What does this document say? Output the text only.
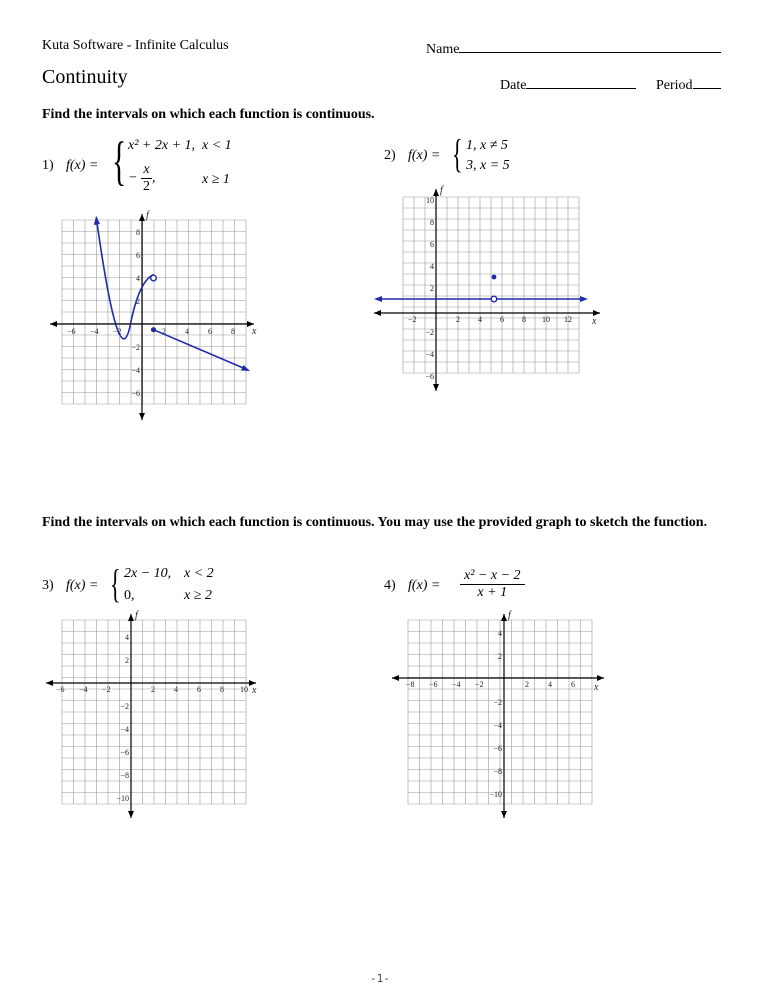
Kuta Software - Infinite Calculus	Name
Continuity	Date	Period
Find the intervals on which each function is continuous.
1) f(x) = { x² + 2x + 1, x < 1
− $\frac{x}{2}$ ,	x ≥ 1
2) f(x) = { 1, x ≠ 5
3, x = 5
x
f
−6 −4 −2	2 4 6 8
8
6
4
2
−2
−4
−6
x
f
−2	2 4 6 8 10 12
10
8
6
4
2
−2
−4
−6
Find the intervals on which each function is continuous. You may use the provided graph to sketch the function.
3) f(x) = { 2x − 10, x < 2
0,	x ≥ 2
4) $f(x) = \frac{\text{x² − x − 2}}{x + 1}$
x
f
−6 −4 −2	2 4 6 8 10
4
2
−2
−4
−6
−8
−10
x
f
−8 −6 −4 −2	2 4 6
4
2
−2
−4
−6
−8
−10
-1-
